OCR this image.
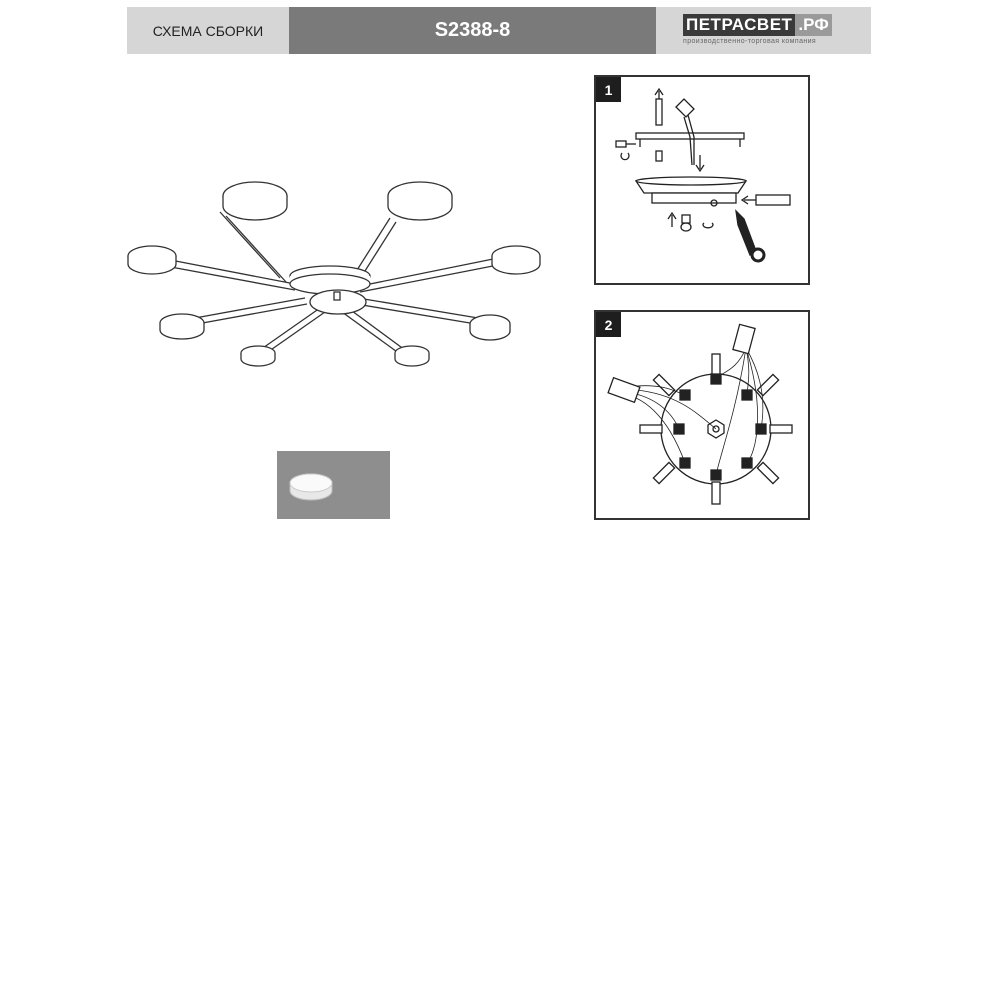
СХЕМА СБОРКИ	S2388-8	ПЕТРАСВЕТ .РФ
производственно-торговая компания
1
2
